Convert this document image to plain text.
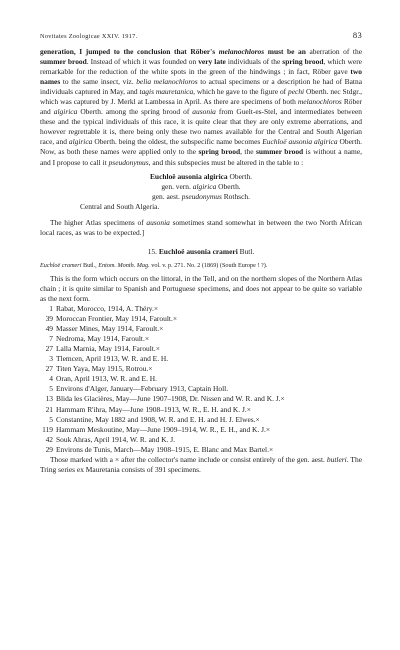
Novitates Zoologicae XXIV. 1917.	83

generation, I jumped to the conclusion that Röber's melanochloros must be an aberration of the summer brood. Instead of which it was founded on very late individuals of the spring brood, which were remarkable for the reduction of the white spots in the green of the hindwings ; in fact, Röber gave two names to the same insect, viz. belia melanochloros to actual specimens or a description he had of Batna individuals captured in May, and tagis mauretanica, which he gave to the figure of pechi Oberth. nec Stdgr., which was captured by J. Merkl at Lambessa in April. As there are specimens of both melanochloros Röber and algirica Oberth. among the spring brood of ausonia from Guelt-es-Stel, and intermediates between these and the typical individuals of this race, it is quite clear that they are only extreme aberrations, and however regrettable it is, there being only these two names available for the Central and South Algerian race, and algirica Oberth. being the oldest, the subspecific name becomes Euchloë ausonia algirica Oberth. Now, as both these names were applied only to the spring brood, the summer brood is without a name, and I propose to call it pseudonymus, and this subspecies must be altered in the table to :

Euchloë ausonia algirica Oberth.
gen. vern. algirica Oberth.
gen. aest. pseudonymus Rothsch.
Central and South Algeria.

The higher Atlas specimens of ausonia sometimes stand somewhat in between the two North African local races, as was to be expected.]

15. Euchloë ausonia crameri Butl.

Euchloë crameri Butl., Entom. Month. Mag. vol. v. p. 271. No. 2 (1869) (South Europe ! ?).

This is the form which occurs on the littoral, in the Tell, and on the northern slopes of the Northern Atlas chain ; it is quite similar to Spanish and Portuguese specimens, and does not appear to be quite so variable as the next form.

1 Rabat, Morocco, 1914, A. Théry.×
39 Moroccan Frontier, May 1914, Faroult.×
49 Masser Mines, May 1914, Faroult.×
7 Nedroma, May 1914, Faroult.×
27 Lalla Marnia, May 1914, Faroult.×
3 Tlemcen, April 1913, W. R. and E. H.
27 Titen Yaya, May 1915, Rotrou.×
4 Oran, April 1913, W. R. and E. H.
5 Environs d'Alger, January—February 1913, Captain Holl.
13 Blida les Glacières, May—June 1907–1908, Dr. Nissen and W. R. and K. J.×
21 Hammam R'ihra, May—June 1908–1913, W. R., E. H. and K. J.×
5 Constantine, May 1882 and 1908, W. R. and E. H. and H. J. Elwes.×
119 Hammam Meskoutine, May—June 1909–1914, W. R., E. H., and K. J.×
42 Souk Ahras, April 1914, W. R. and K. J.
29 Environs de Tunis, March—May 1908–1915, E. Blanc and Max Bartel.×

Those marked with a × after the collector's name include or consist entirely of the gen. aest. butleri. The Tring series ex Mauretania consists of 391 specimens.
